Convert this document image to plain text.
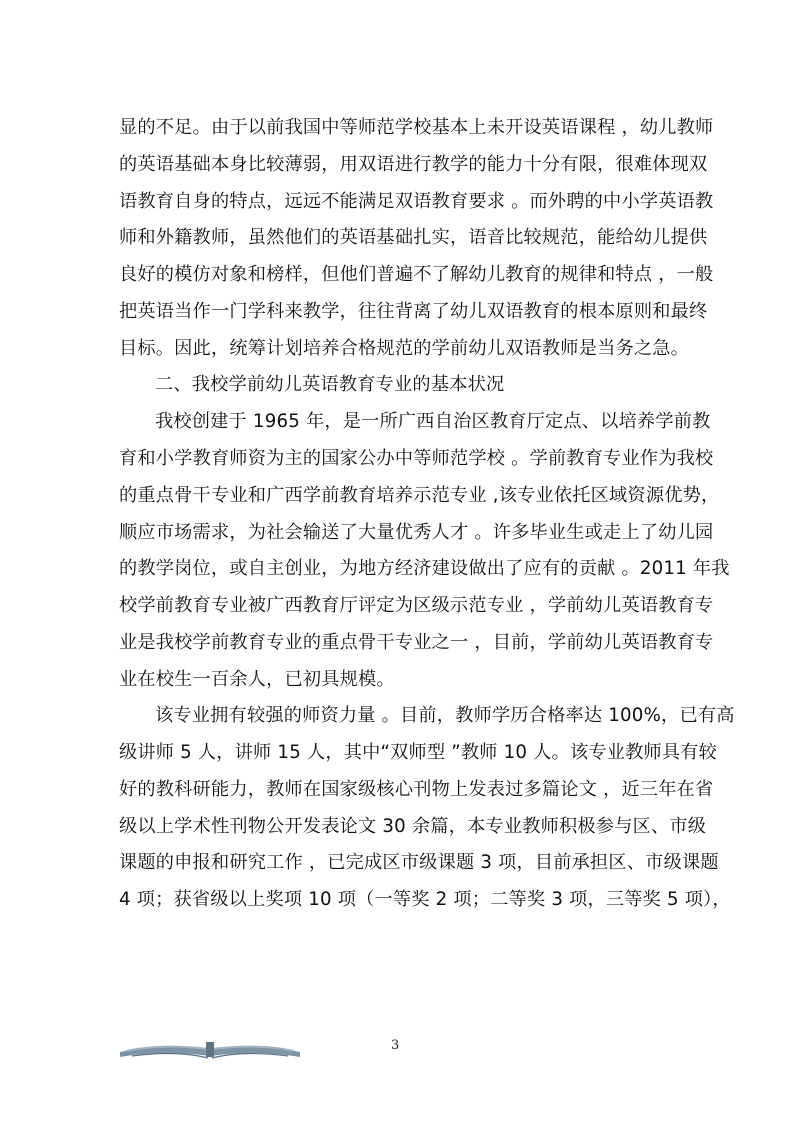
显的不足。由于以前我国中等师范学校基本上未开设英语课程 ，幼儿教师
的英语基础本身比较薄弱，用双语进行教学的能力十分有限，很难体现双
语教育自身的特点，远远不能满足双语教育要求 。而外聘的中小学英语教
师和外籍教师，虽然他们的英语基础扎实，语音比较规范，能给幼儿提供
良好的模仿对象和榜样，但他们普遍不了解幼儿教育的规律和特点 ，一般
把英语当作一门学科来教学，往往背离了幼儿双语教育的根本原则和最终
目标。因此，统筹计划培养合格规范的学前幼儿双语教师是当务之急。
二、我校学前幼儿英语教育专业的基本状况
我校创建于 1965 年，是一所广西自治区教育厅定点、以培养学前教
育和小学教育师资为主的国家公办中等师范学校 。学前教育专业作为我校
的重点骨干专业和广西学前教育培养示范专业 ,该专业依托区域资源优势，
顺应市场需求，为社会输送了大量优秀人才 。许多毕业生或走上了幼儿园
的教学岗位，或自主创业，为地方经济建设做出了应有的贡献 。2011 年我
校学前教育专业被广西教育厅评定为区级示范专业 ，学前幼儿英语教育专
业是我校学前教育专业的重点骨干专业之一 ，目前，学前幼儿英语教育专
业在校生一百余人，已初具规模。
该专业拥有较强的师资力量 。目前，教师学历合格率达 100%，已有高
级讲师 5 人，讲师 15 人，其中“双师型 ”教师 10 人。该专业教师具有较
好的教科研能力，教师在国家级核心刊物上发表过多篇论文 ，近三年在省
级以上学术性刊物公开发表论文 30 余篇，本专业教师积极参与区、市级
课题的申报和研究工作 ，已完成区市级课题 3 项，目前承担区、市级课题
4 项；获省级以上奖项 10 项（一等奖 2 项；二等奖 3 项，三等奖 5 项），
3
